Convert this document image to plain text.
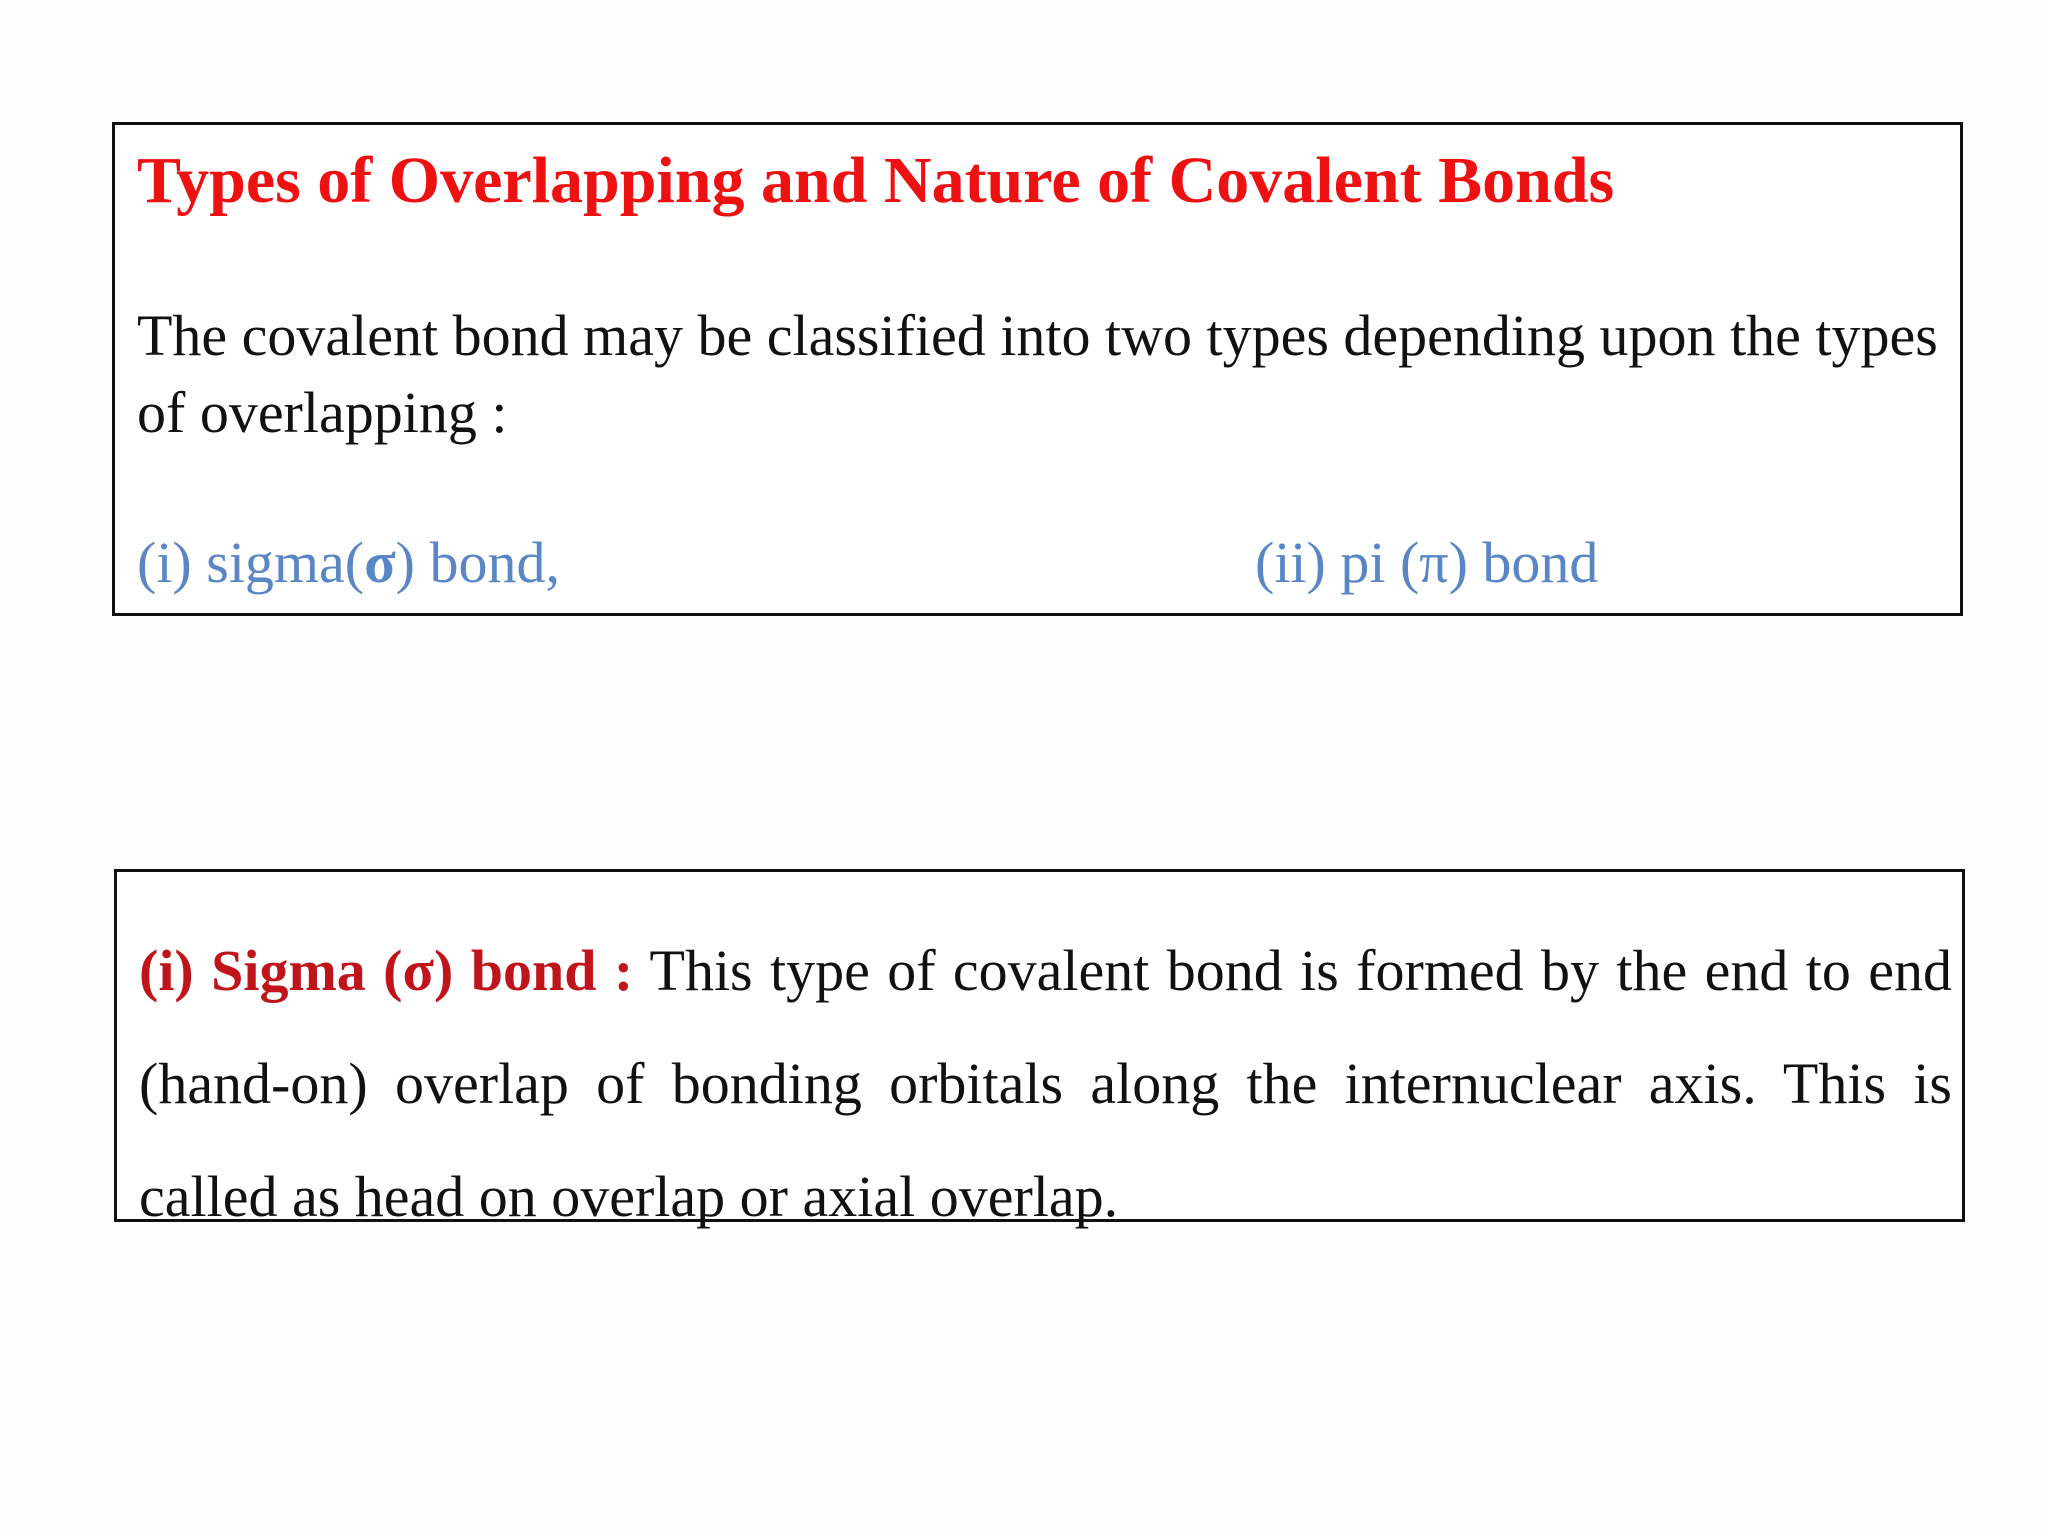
Types of Overlapping and Nature of Covalent Bonds
The covalent bond may be classified into two types depending upon the types of overlapping :
(i) sigma(σ) bond,	(ii) pi (π) bond
(i) Sigma (σ) bond : This type of covalent bond is formed by the end to end (hand-on) overlap of bonding orbitals along the internuclear axis. This is called as head on overlap or axial overlap.
